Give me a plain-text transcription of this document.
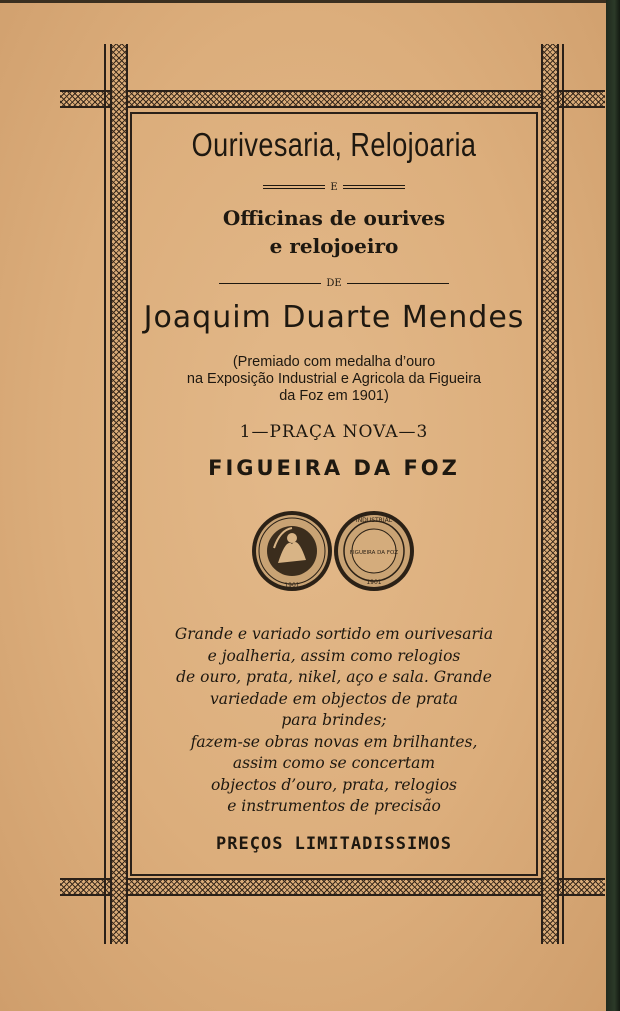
Ourivesaria, Relojoaria
E
Officinas de ourives
e relojoeiro
DE
Joaquim Duarte Mendes
(Premiado com medalha d’ouro
na Exposição Industrial e Agricola da Figueira
da Foz em 1901)
1—PRAÇA NOVA—3
FIGUEIRA DA FOZ
1901
INDUSTRIAL
FIGUEIRA DA FOZ
1901
Grande e variado sortido em ourivesaria
e joalheria, assim como relogios
de ouro, prata, nikel, aço e sala. Grande
variedade em objectos de prata
para brindes;
fazem-se obras novas em brilhantes,
assim como se concertam
objectos d’ouro, prata, relogios
e instrumentos de precisão
PREÇOS LIMITADISSIMOS
